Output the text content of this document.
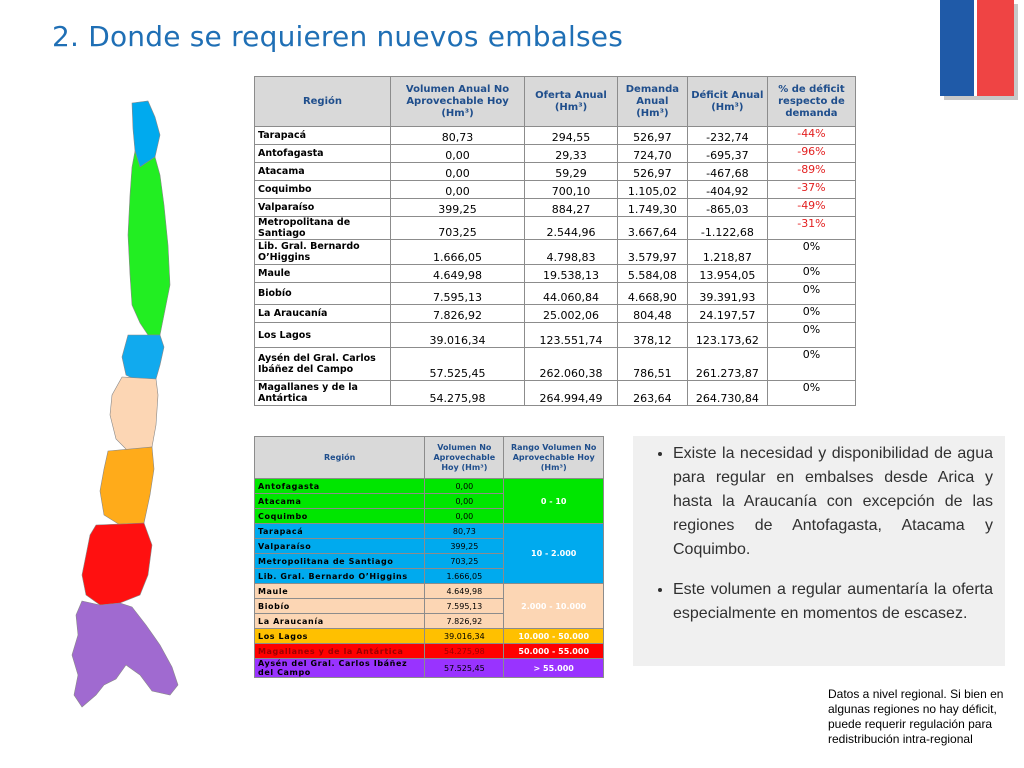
2. Donde se requieren nuevos embalses
Región	Volumen Anual No Aprovechable Hoy (Hm³)	Oferta Anual (Hm³)	Demanda Anual (Hm³)	Déficit Anual (Hm³)	% de déficit respecto de demanda
Tarapacá	80,73	294,55	526,97	-232,74	-44%
Antofagasta	0,00	29,33	724,70	-695,37	-96%
Atacama	0,00	59,29	526,97	-467,68	-89%
Coquimbo	0,00	700,10	1.105,02	-404,92	-37%
Valparaíso	399,25	884,27	1.749,30	-865,03	-49%
Metropolitana de Santiago	703,25	2.544,96	3.667,64	-1.122,68	-31%
Lib. Gral. Bernardo O’Higgins	1.666,05	4.798,83	3.579,97	1.218,87	0%
Maule	4.649,98	19.538,13	5.584,08	13.954,05	0%
Biobío	7.595,13	44.060,84	4.668,90	39.391,93	0%
La Araucanía	7.826,92	25.002,06	804,48	24.197,57	0%
Los Lagos	39.016,34	123.551,74	378,12	123.173,62	0%
Aysén del Gral. Carlos Ibáñez del Campo	57.525,45	262.060,38	786,51	261.273,87	0%
Magallanes y de la Antártica	54.275,98	264.994,49	263,64	264.730,84	0%
Región	Volumen No Aprovechable Hoy (Hm³)	Rango Volumen No Aprovechable Hoy (Hm³)
Antofagasta	0,00	0 - 10
Atacama	0,00	
Coquimbo	0,00	
Tarapacá	80,73	10 - 2.000
Valparaíso	399,25	
Metropolitana de Santiago	703,25	
Lib. Gral. Bernardo O’Higgins	1.666,05	
Maule	4.649,98	2.000 - 10.000
Biobío	7.595,13	
La Araucanía	7.826,92	
Los Lagos	39.016,34	10.000 - 50.000
Magallanes y de la Antártica	54.275,98	50.000 - 55.000
Aysén del Gral. Carlos Ibáñez del Campo	57.525,45	> 55.000
• Existe la necesidad y disponibilidad de agua para regular en embalses desde Arica y hasta la Araucanía con excepción de las regiones de Antofagasta, Atacama y Coquimbo.
• Este volumen a regular aumentaría la oferta especialmente en momentos de escasez.
Datos a nivel regional. Si bien en algunas regiones no hay déficit, puede requerir regulación para redistribución intra-regional
